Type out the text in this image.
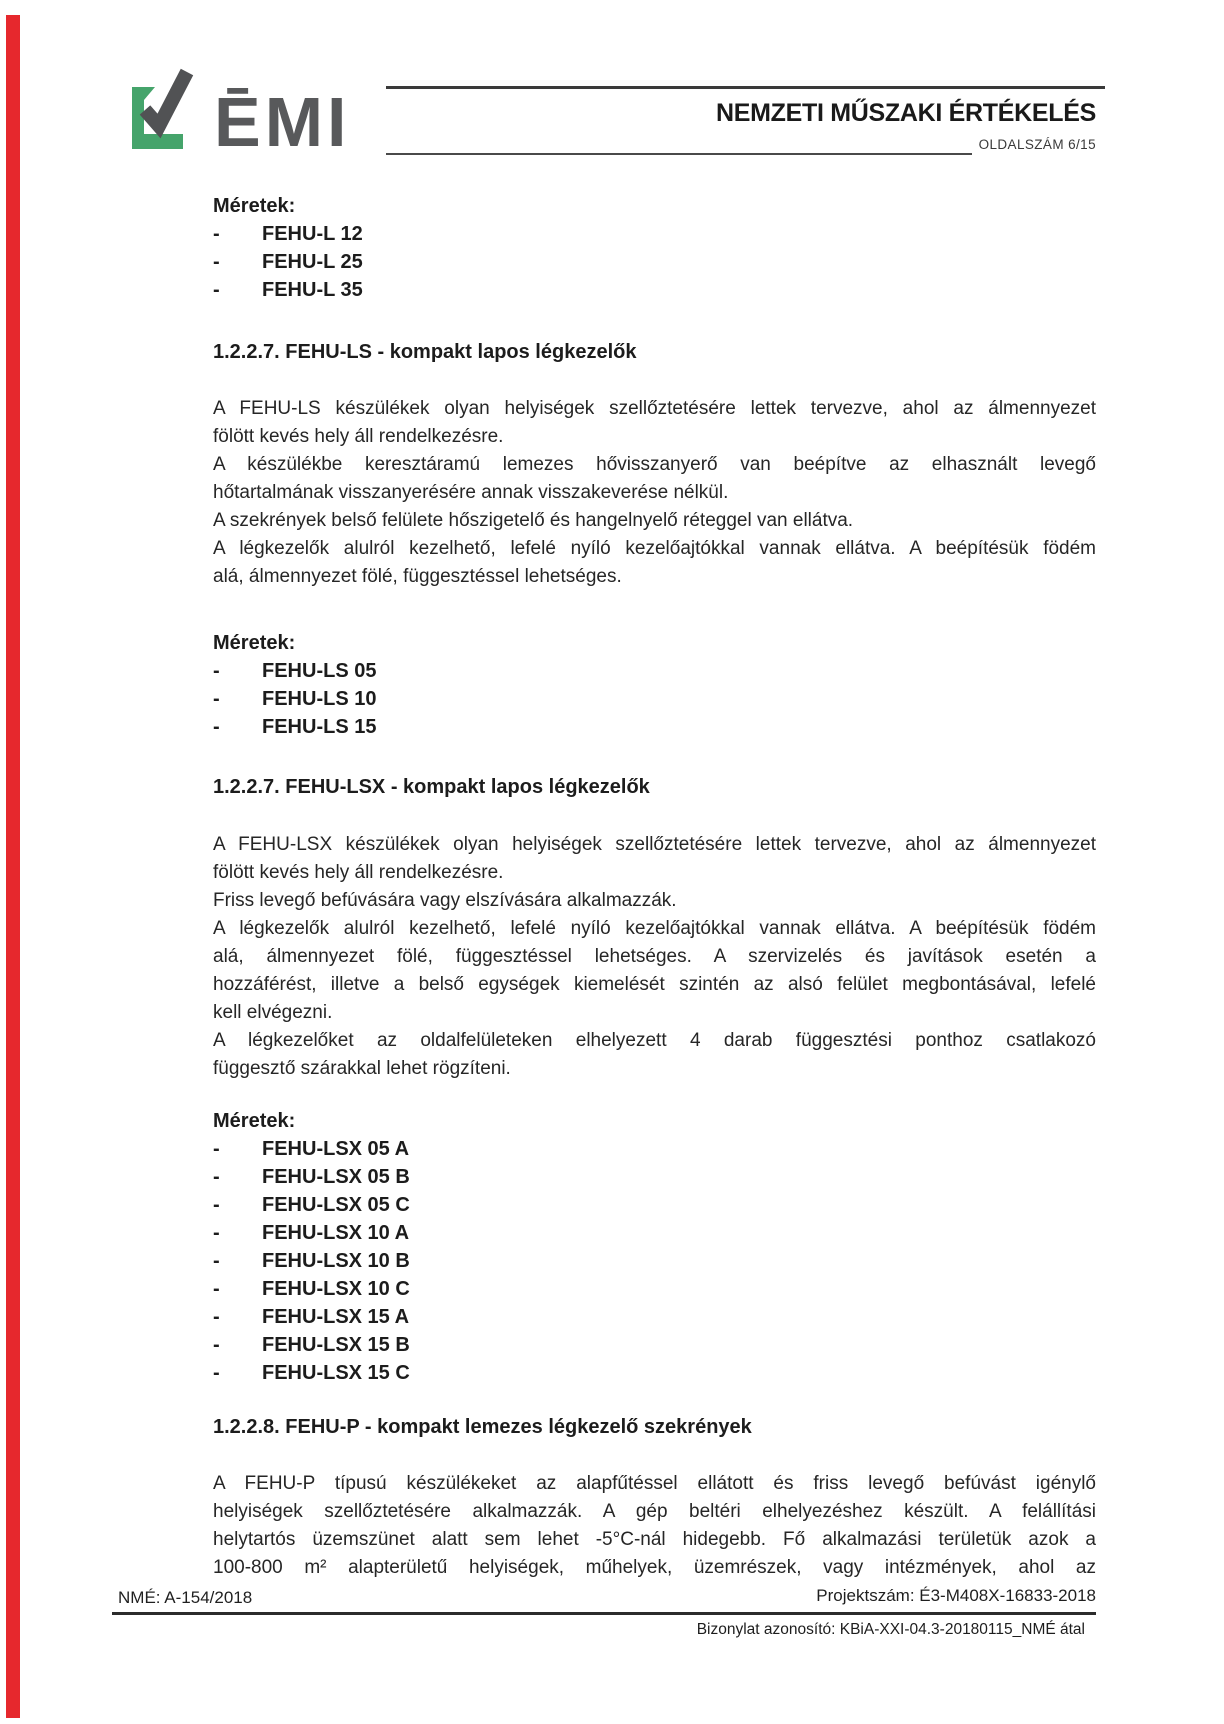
ĒMI	NEMZETI MŰSZAKI ÉRTÉKELÉS
OLDALSZÁM 6/15
Méretek:
-	FEHU-L 12
-	FEHU-L 25
-	FEHU-L 35
1.2.2.7. FEHU-LS - kompakt lapos légkezelők
A FEHU-LS készülékek olyan helyiségek szellőztetésére lettek tervezve, ahol az álmennyezet
fölött kevés hely áll rendelkezésre.
A készülékbe keresztáramú lemezes hővisszanyerő van beépítve az elhasznált levegő
hőtartalmának visszanyerésére annak visszakeverése nélkül.
A szekrények belső felülete hőszigetelő és hangelnyelő réteggel van ellátva.
A légkezelők alulról kezelhető, lefelé nyíló kezelőajtókkal vannak ellátva. A beépítésük födém
alá, álmennyezet fölé, függesztéssel lehetséges.
Méretek:
-	FEHU-LS 05
-	FEHU-LS 10
-	FEHU-LS 15
1.2.2.7. FEHU-LSX - kompakt lapos légkezelők
A FEHU-LSX készülékek olyan helyiségek szellőztetésére lettek tervezve, ahol az álmennyezet
fölött kevés hely áll rendelkezésre.
Friss levegő befúvására vagy elszívására alkalmazzák.
A légkezelők alulról kezelhető, lefelé nyíló kezelőajtókkal vannak ellátva. A beépítésük födém
alá, álmennyezet fölé, függesztéssel lehetséges. A szervizelés és javítások esetén a
hozzáférést, illetve a belső egységek kiemelését szintén az alsó felület megbontásával, lefelé
kell elvégezni.
A légkezelőket az oldalfelületeken elhelyezett 4 darab függesztési ponthoz csatlakozó
függesztő szárakkal lehet rögzíteni.
Méretek:
-	FEHU-LSX 05 A
-	FEHU-LSX 05 B
-	FEHU-LSX 05 C
-	FEHU-LSX 10 A
-	FEHU-LSX 10 B
-	FEHU-LSX 10 C
-	FEHU-LSX 15 A
-	FEHU-LSX 15 B
-	FEHU-LSX 15 C
1.2.2.8. FEHU-P - kompakt lemezes légkezelő szekrények
A FEHU-P típusú készülékeket az alapfűtéssel ellátott és friss levegő befúvást igénylő
helyiségek szellőztetésére alkalmazzák. A gép beltéri elhelyezéshez készült. A felállítási
helytartós üzemszünet alatt sem lehet -5°C-nál hidegebb. Fő alkalmazási területük azok a
100-800 m² alapterületű helyiségek, műhelyek, üzemrészek, vagy intézmények, ahol az
NMÉ: A-154/2018	Projektszám: É3-M408X-16833-2018
Bizonylat azonosító: KBiA-XXI-04.3-20180115_NMÉ átal
